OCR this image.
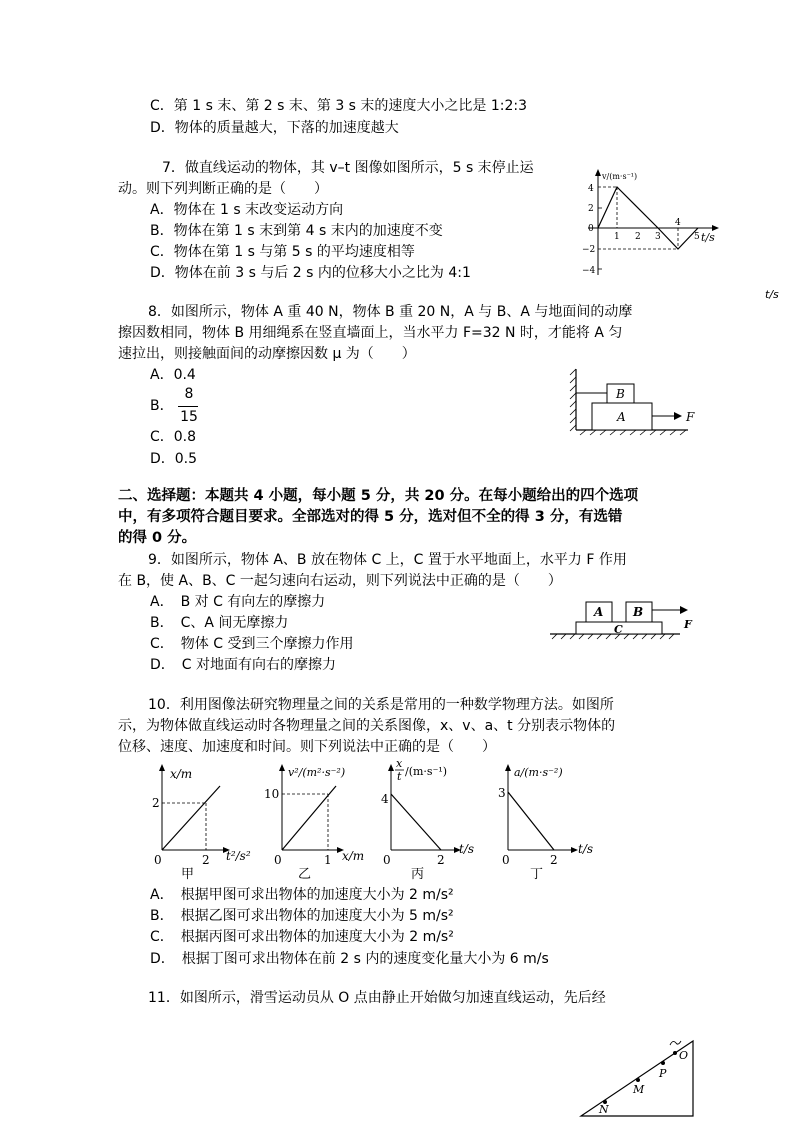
C．第 1 s 末、第 2 s 末、第 3 s 末的速度大小之比是 1:2:3
D．物体的质量越大，下落的加速度越大
7．做直线运动的物体，其 v–t 图像如图所示，5 s 末停止运
动。则下列判断正确的是（　　）
A．物体在 1 s 末改变运动方向
B．物体在第 1 s 末到第 4 s 末内的加速度不变
C．物体在第 1 s 与第 5 s 的平均速度相等
D．物体在前 3 s 与后 2 s 内的位移大小之比为 4:1
v/(m·s⁻¹)
t/s
4
2
0
−2
−4
1 2 3
4
5
t/s
8．如图所示，物体 A 重 40 N，物体 B 重 20 N，A 与 B、A 与地面间的动摩
擦因数相同，物体 B 用细绳系在竖直墙面上，当水平力 F=32 N 时，才能将 A 匀
速拉出，则接触面间的动摩擦因数 μ 为（　　）
A．0.4
B．
8
15
C．0.8
D．0.5
B
A	F
二、选择题：本题共 4 小题，每小题 5 分，共 20 分。在每小题给出的四个选项
中，有多项符合题目要求。全部选对的得 5 分，选对但不全的得 3 分，有选错
的得 0 分。
9．如图所示，物体 A、B 放在物体 C 上，C 置于水平地面上，水平力 F 作用
在 B，使 A、B、C 一起匀速向右运动，则下列说法中正确的是（　　）
A．　B 对 C 有向左的摩擦力
B．　C、A 间无摩擦力
C．　物体 C 受到三个摩擦力作用
D．　C 对地面有向右的摩擦力
A B
C	F
10．利用图像法研究物理量之间的关系是常用的一种数学物理方法。如图所
示，为物体做直线运动时各物理量之间的关系图像，x、v、a、t 分别表示物体的
位移、速度、加速度和时间。则下列说法中正确的是（　　）
x/m
2
0	2 t²/s²
甲
v²/(m²·s⁻²)
10
0	1 x/m
乙
x
t /(m·s⁻¹)
4
0	2
t/s
丙
a/(m·s⁻²)
3
0	2
t/s
丁
A．　根据甲图可求出物体的加速度大小为 2 m/s²
B．　根据乙图可求出物体的加速度大小为 5 m/s²
C．　根据丙图可求出物体的加速度大小为 2 m/s²
D．　根据丁图可求出物体在前 2 s 内的速度变化量大小为 6 m/s
11．如图所示，滑雪运动员从 O 点由静止开始做匀加速直线运动，先后经
O
P
M
N
